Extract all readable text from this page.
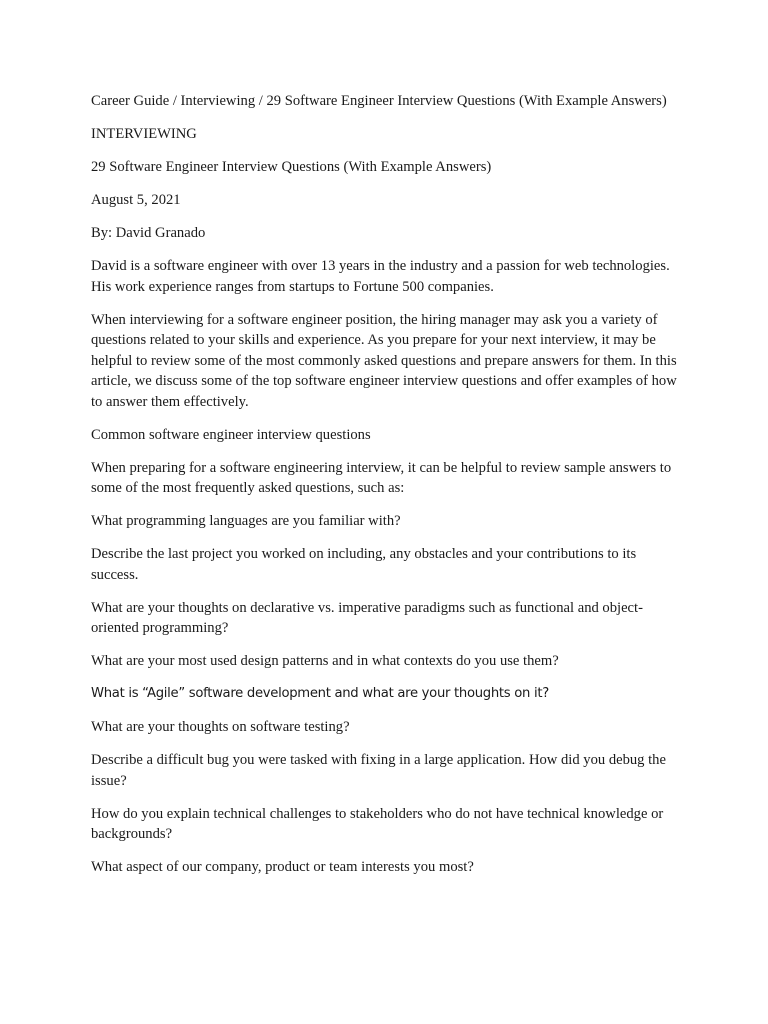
Career Guide / Interviewing / 29 Software Engineer Interview Questions (With Example Answers)

INTERVIEWING

29 Software Engineer Interview Questions (With Example Answers)

August 5, 2021

By: David Granado

David is a software engineer with over 13 years in the industry and a passion for web technologies. His work experience ranges from startups to Fortune 500 companies.

When interviewing for a software engineer position, the hiring manager may ask you a variety of questions related to your skills and experience. As you prepare for your next interview, it may be helpful to review some of the most commonly asked questions and prepare answers for them. In this article, we discuss some of the top software engineer interview questions and offer examples of how to answer them effectively.

Common software engineer interview questions

When preparing for a software engineering interview, it can be helpful to review sample answers to some of the most frequently asked questions, such as:

What programming languages are you familiar with?

Describe the last project you worked on including, any obstacles and your contributions to its success.

What are your thoughts on declarative vs. imperative paradigms such as functional and object-oriented programming?

What are your most used design patterns and in what contexts do you use them?

What is “Agile” software development and what are your thoughts on it?

What are your thoughts on software testing?

Describe a difficult bug you were tasked with fixing in a large application. How did you debug the issue?

How do you explain technical challenges to stakeholders who do not have technical knowledge or backgrounds?

What aspect of our company, product or team interests you most?
